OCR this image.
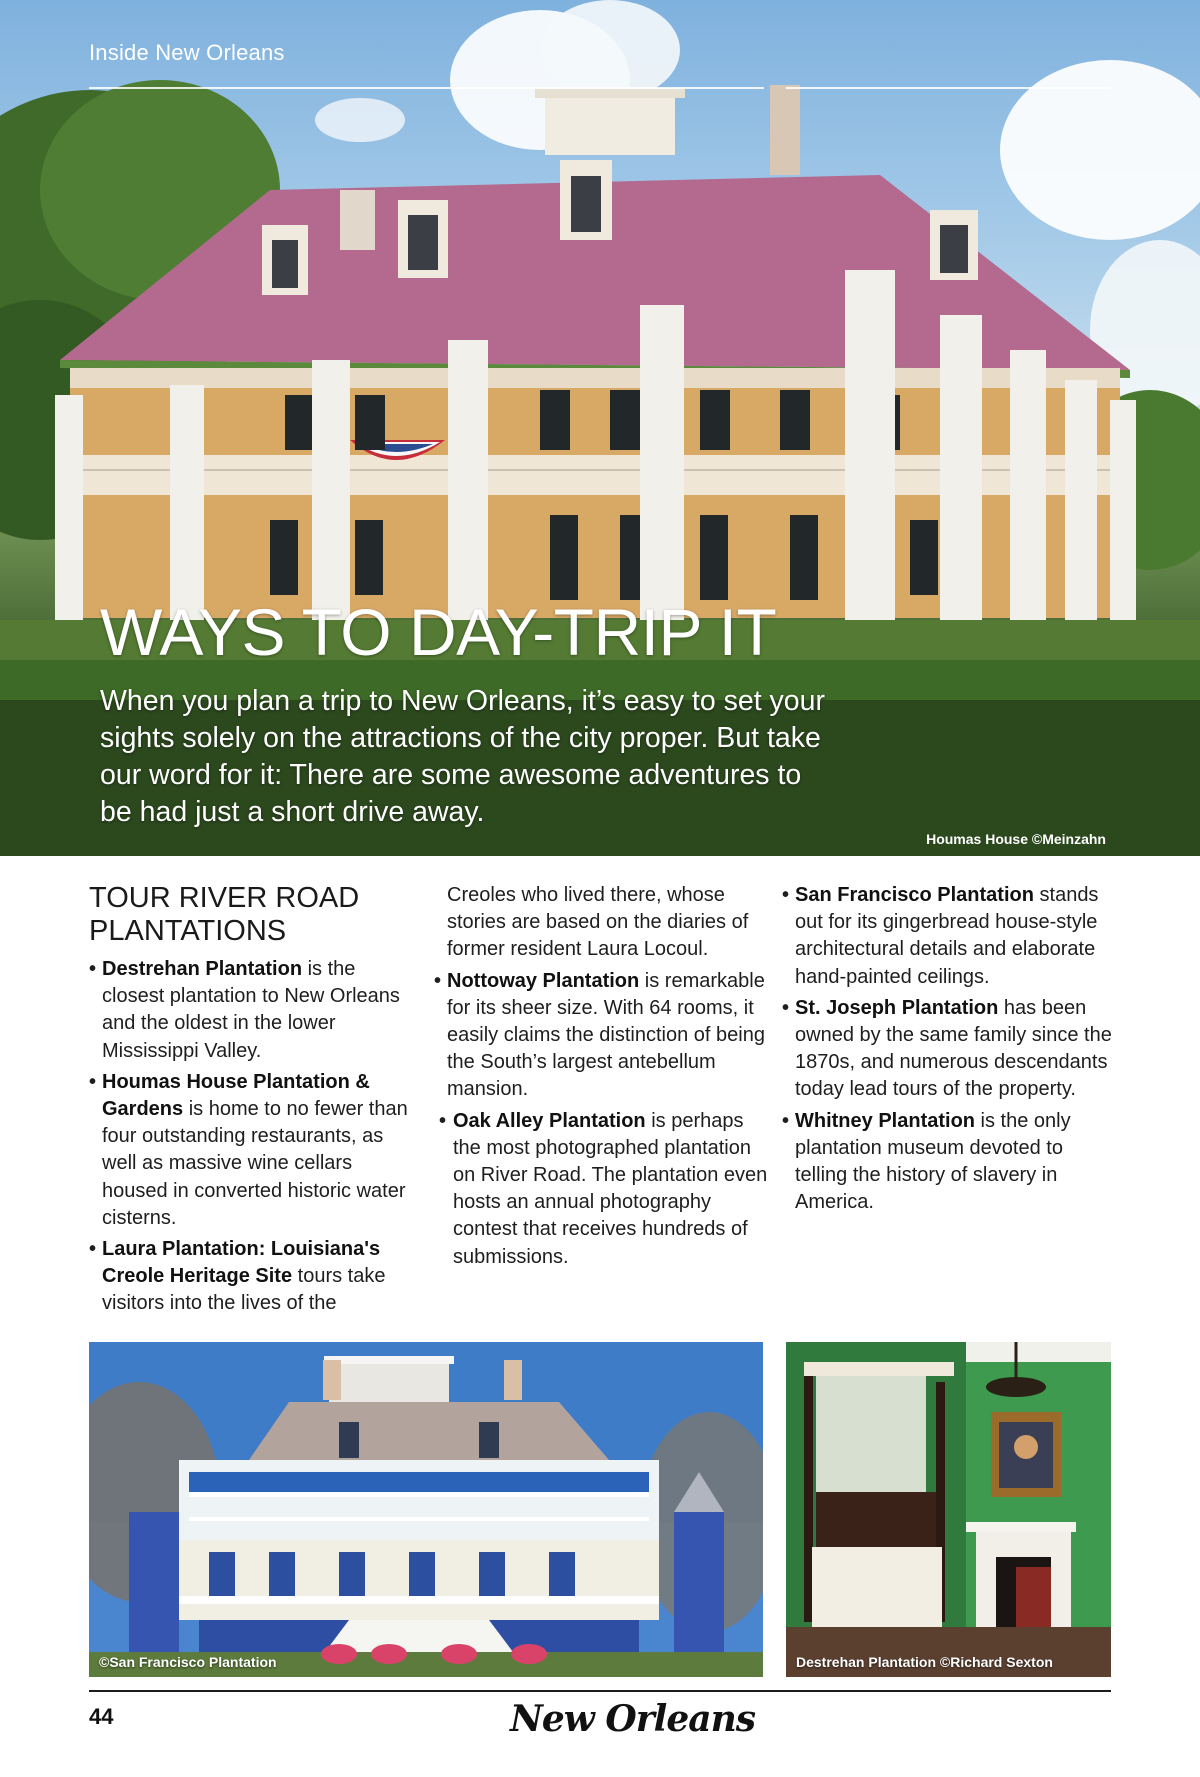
Inside New Orleans
WAYS TO DAY-TRIP IT

When you plan a trip to New Orleans, it’s easy to set your sights solely on the attractions of the city proper. But take our word for it: There are some awesome adventures to be had just a short drive away.

Houmas House ©Meinzahn
TOUR RIVER ROAD
PLANTATIONS
• Destrehan Plantation is the closest plantation to New Orleans and the oldest in the lower Mississippi Valley.
• Houmas House Plantation & Gardens is home to no fewer than four outstanding restaurants, as well as massive wine cellars housed in converted historic water cisterns.
• Laura Plantation: Louisiana's Creole Heritage Site tours take visitors into the lives of the
Creoles who lived there, whose stories are based on the diaries of former resident Laura Locoul.
• Nottoway Plantation is remarkable for its sheer size. With 64 rooms, it easily claims the distinction of being the South’s largest antebellum mansion.
• Oak Alley Plantation is perhaps the most photographed plantation on River Road. The plantation even hosts an annual photography contest that receives hundreds of submissions.
• San Francisco Plantation stands out for its gingerbread house-style architectural details and elaborate hand-painted ceilings.
• St. Joseph Plantation has been owned by the same family since the 1870s, and numerous descendants today lead tours of the property.
• Whitney Plantation is the only plantation museum devoted to telling the history of slavery in America.
©San Francisco Plantation	Destrehan Plantation ©Richard Sexton
44	New Orleans
